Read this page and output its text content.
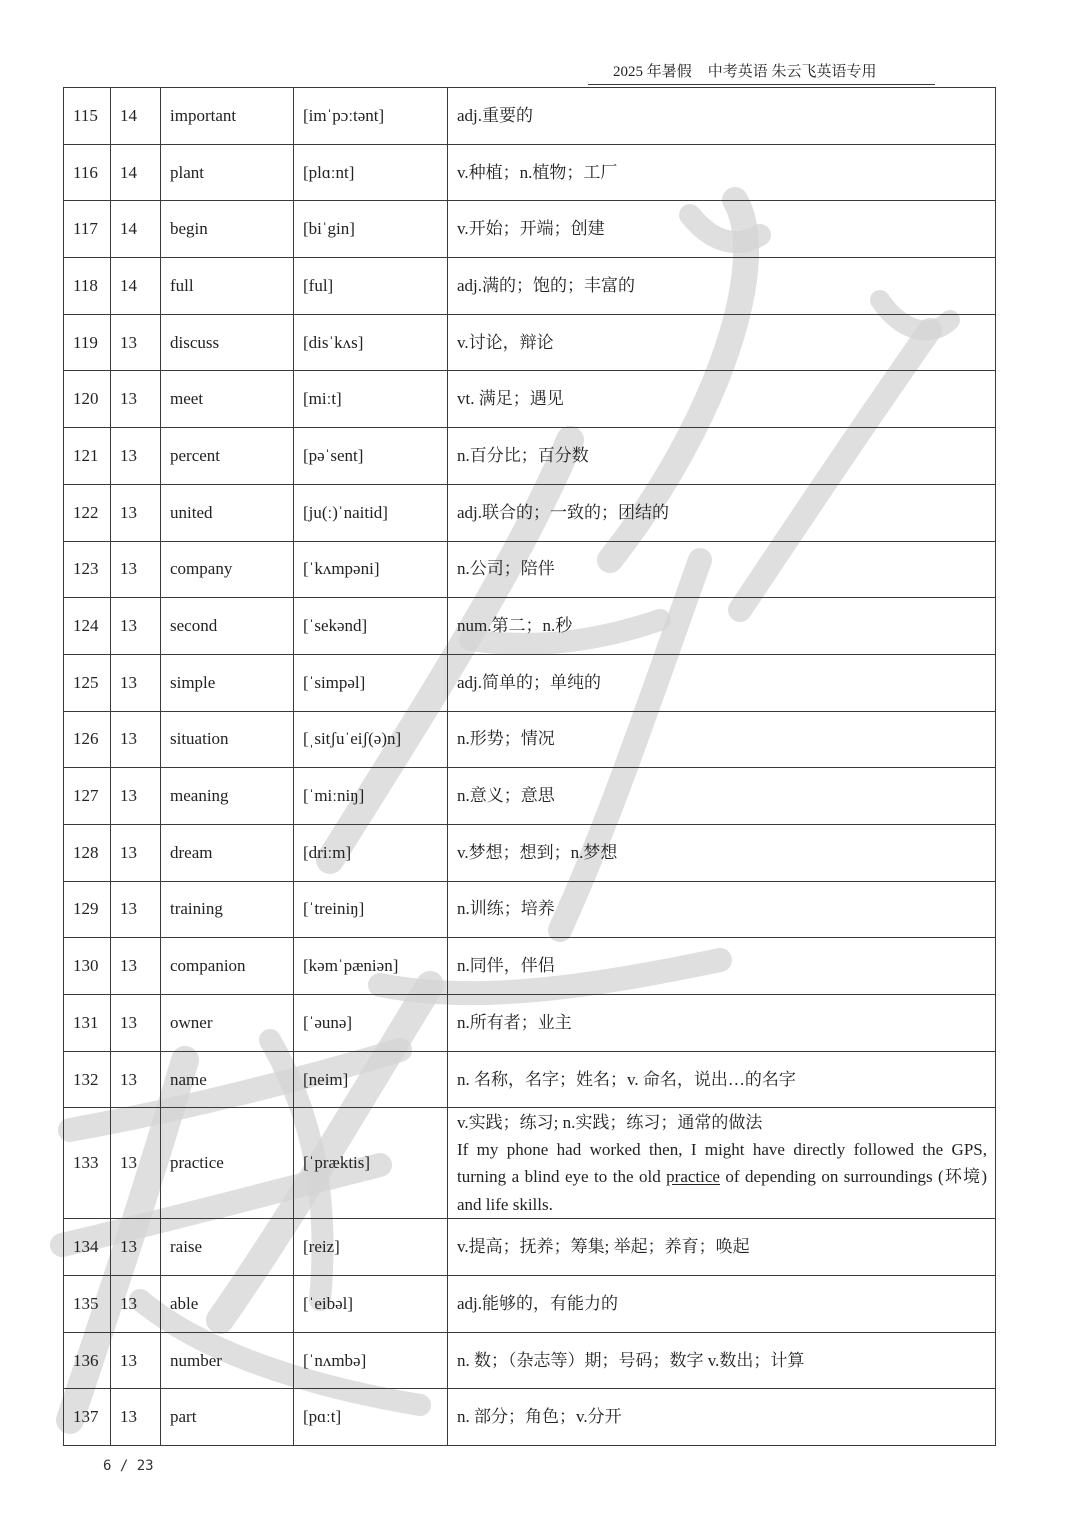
2025 年暑假 中考英语 朱云飞英语专用
115	14	important	[imˈpɔːtənt]	adj.重要的
116	14	plant	[plɑːnt]	v.种植；n.植物；工厂
117	14	begin	[biˈgin]	v.开始；开端；创建
118	14	full	[ful]	adj.满的；饱的；丰富的
119	13	discuss	[disˈkʌs]	v.讨论，辩论
120	13	meet	[miːt]	vt. 满足；遇见
121	13	percent	[pəˈsent]	n.百分比；百分数
122	13	united	[ju(ː)ˈnaitid]	adj.联合的；一致的；团结的
123	13	company	[ˈkʌmpəni]	n.公司；陪伴
124	13	second	[ˈsekənd]	num.第二；n.秒
125	13	simple	[ˈsimpəl]	adj.简单的；单纯的
126	13	situation	[ˌsitʃuˈeiʃ(ə)n]	n.形势；情况
127	13	meaning	[ˈmiːniŋ]	n.意义；意思
128	13	dream	[driːm]	v.梦想；想到；n.梦想
129	13	training	[ˈtreiniŋ]	n.训练；培养
130	13	companion	[kəmˈpæniən]	n.同伴，伴侣
131	13	owner	[ˈəunə]	n.所有者；业主
132	13	name	[neim]	n. 名称，名字；姓名；v. 命名，说出…的名字
133	13	practice	[ˈpræktis]	v.实践；练习; n.实践；练习；通常的做法
If my phone had worked then, I might have directly followed the GPS, turning a blind eye to the old practice of depending on surroundings (环境) and life skills.

134	13	raise	[reiz]	v.提高；抚养；筹集; 举起；养育；唤起
135	13	able	[ˈeibəl]	adj.能够的，有能力的
136	13	number	[ˈnʌmbə]	n. 数；（杂志等）期；号码；数字 v.数出；计算
137	13	part	[pɑːt]	n. 部分；角色；v.分开
6 / 23
